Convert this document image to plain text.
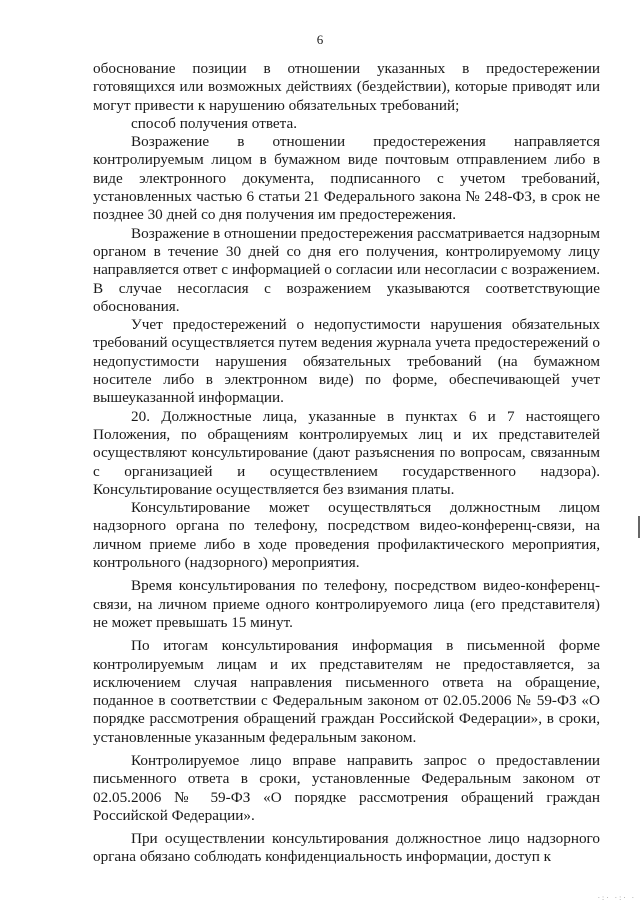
6

обоснование позиции в отношении указанных в предостережении готовящихся или возможных действиях (бездействии), которые приводят или могут привести к нарушению обязательных требований;

способ получения ответа.

Возражение в отношении предостережения направляется контролируемым лицом в бумажном виде почтовым отправлением либо в виде электронного документа, подписанного с учетом требований, установленных частью 6 статьи 21 Федерального закона № 248-ФЗ, в срок не позднее 30 дней со дня получения им предостережения.

Возражение в отношении предостережения рассматривается надзорным органом в течение 30 дней со дня его получения, контролируемому лицу направляется ответ с информацией о согласии или несогласии с возражением. В случае несогласия с возражением указываются соответствующие обоснования.

Учет предостережений о недопустимости нарушения обязательных требований осуществляется путем ведения журнала учета предостережений о недопустимости нарушения обязательных требований (на бумажном носителе либо в электронном виде) по форме, обеспечивающей учет вышеуказанной информации.

20. Должностные лица, указанные в пунктах 6 и 7 настоящего Положения, по обращениям контролируемых лиц и их представителей осуществляют консультирование (дают разъяснения по вопросам, связанным с организацией и осуществлением государственного надзора). Консультирование осуществляется без взимания платы.

Консультирование может осуществляться должностным лицом надзорного органа по телефону, посредством видео-конференц-связи, на личном приеме либо в ходе проведения профилактического мероприятия, контрольного (надзорного) мероприятия.

Время консультирования по телефону, посредством видео-конференц-связи, на личном приеме одного контролируемого лица (его представителя) не может превышать 15 минут.

По итогам консультирования информация в письменной форме контролируемым лицам и их представителям не предоставляется, за исключением случая направления письменного ответа на обращение, поданное в соответствии с Федеральным законом от 02.05.2006 № 59-ФЗ «О порядке рассмотрения обращений граждан Российской Федерации», в сроки, установленные указанным федеральным законом.

Контролируемое лицо вправе направить запрос о предоставлении письменного ответа в сроки, установленные Федеральным законом от 02.05.2006 № 59-ФЗ «О порядке рассмотрения обращений граждан Российской Федерации».

При осуществлении консультирования должностное лицо надзорного органа обязано соблюдать конфиденциальность информации, доступ к

·:· ·:· ·
